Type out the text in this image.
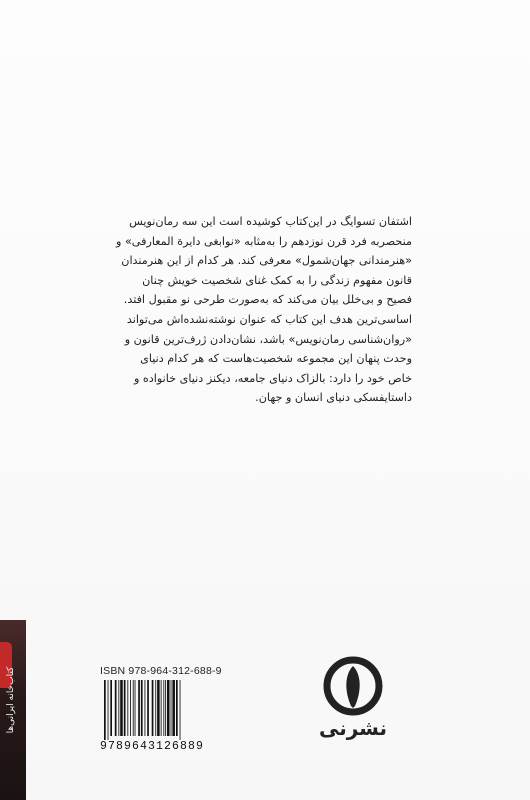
اشتفان تسوایگ در این‌کتاب کوشیده است این سه رمان‌نویس

منحصربه فرد قرن نوزدهم را به‌مثابه «نوابغی دایرة المعارفی» و

«هنرمندانی جهان‌شمول» معرفی کند. هر کدام از این هنرمندان

قانون مفهوم زندگی را به کمک غنای شخصیت خویش‌ چنان

فصیح و بی‌خلل بیان می‌کند که به‌صورت طرحی نو مقبول افتد.

اساسی‌ترین هدف این کتاب که عنوان نوشته‌نشده‌اش می‌تواند

«روان‌شناسی رمان‌نویس» باشد، نشان‌دادن ژرف‌ترین قانون و

وحدت پنهان این مجموعه شخصیت‌هاست که هر کدام دنیای

خاص خود را دارد: بالزاک دنیای جامعه، دیکنز دنیای خانواده و

داستایفسکی دنیای انسان و جهان.

ISBN 978-964-312-688-9
9789643126889
نشرنی
کتاب‌خانه ایرانی‌ها
